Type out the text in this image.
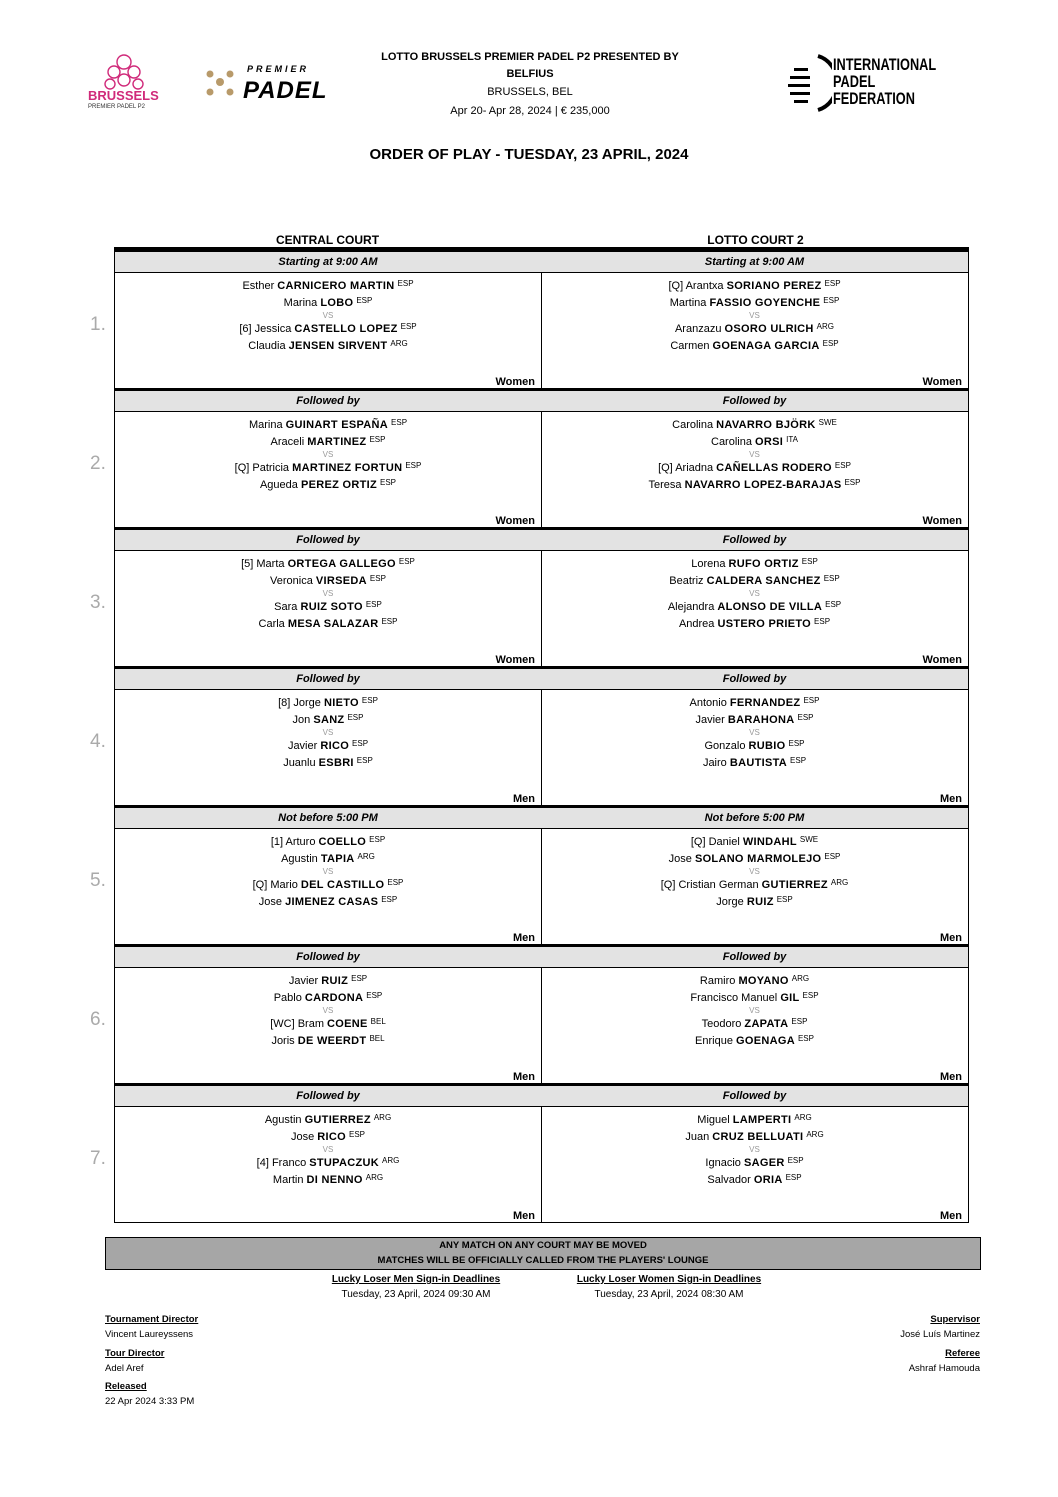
BRUSSELS
PREMIER PADEL P2
PREMIER
PADEL
LOTTO BRUSSELS PREMIER PADEL P2 PRESENTED BY
BELFIUS
BRUSSELS, BEL
Apr 20- Apr 28, 2024 | € 235,000
INTERNATIONAL
PADEL
FEDERATION
ORDER OF PLAY - TUESDAY, 23 APRIL, 2024
CENTRAL COURT	LOTTO COURT 2
1.
Starting at 9:00 AM
Esther CARNICERO MARTIN $^{ESP}$
Marina LOBO $^{ESP}$
[6] Jessica CASTELLO LOPEZ $^{ESP}$
Claudia JENSEN SIRVENT $^{ARG}$
VS
Women
Starting at 9:00 AM
[Q] Arantxa SORIANO PEREZ $^{ESP}$
Martina FASSIO GOYENCHE $^{ESP}$
Aranzazu OSORO ULRICH $^{ARG}$
Carmen GOENAGA GARCIA $^{ESP}$
VS
Women
2.
Followed by
Marina GUINART ESPAÑA $^{ESP}$
Araceli MARTINEZ $^{ESP}$
[Q] Patricia MARTINEZ FORTUN $^{ESP}$
Agueda PEREZ ORTIZ $^{ESP}$
VS
Women
Followed by
Carolina NAVARRO BJÖRK $^{SWE}$
Carolina ORSI $^{ITA}$
[Q] Ariadna CAÑELLAS RODERO $^{ESP}$
Teresa NAVARRO LOPEZ-BARAJAS $^{ESP}$
VS
Women
3.
Followed by
[5] Marta ORTEGA GALLEGO $^{ESP}$
Veronica VIRSEDA $^{ESP}$
Sara RUIZ SOTO $^{ESP}$
Carla MESA SALAZAR $^{ESP}$
VS
Women
Followed by
Lorena RUFO ORTIZ $^{ESP}$
Beatriz CALDERA SANCHEZ $^{ESP}$
Alejandra ALONSO DE VILLA $^{ESP}$
Andrea USTERO PRIETO $^{ESP}$
VS
Women
4.
Followed by
[8] Jorge NIETO $^{ESP}$
Jon SANZ $^{ESP}$
Javier RICO $^{ESP}$
Juanlu ESBRI $^{ESP}$
VS
Men
Followed by
Antonio FERNANDEZ $^{ESP}$
Javier BARAHONA $^{ESP}$
Gonzalo RUBIO $^{ESP}$
Jairo BAUTISTA $^{ESP}$
VS
Men
5.
Not before 5:00 PM
[1] Arturo COELLO $^{ESP}$
Agustin TAPIA $^{ARG}$
[Q] Mario DEL CASTILLO $^{ESP}$
Jose JIMENEZ CASAS $^{ESP}$
VS
Men
Not before 5:00 PM
[Q] Daniel WINDAHL $^{SWE}$
Jose SOLANO MARMOLEJO $^{ESP}$
[Q] Cristian German GUTIERREZ $^{ARG}$
Jorge RUIZ $^{ESP}$
VS
Men
6.
Followed by
Javier RUIZ $^{ESP}$
Pablo CARDONA $^{ESP}$
[WC] Bram COENE $^{BEL}$
Joris DE WEERDT $^{BEL}$
VS
Men
Followed by
Ramiro MOYANO $^{ARG}$
Francisco Manuel GIL $^{ESP}$
Teodoro ZAPATA $^{ESP}$
Enrique GOENAGA $^{ESP}$
VS
Men
7.
Followed by
Agustin GUTIERREZ $^{ARG}$
Jose RICO $^{ESP}$
[4] Franco STUPACZUK $^{ARG}$
Martin DI NENNO $^{ARG}$
VS
Men
Followed by
Miguel LAMPERTI $^{ARG}$
Juan CRUZ BELLUATI $^{ARG}$
Ignacio SAGER $^{ESP}$
Salvador ORIA $^{ESP}$
VS
Men
ANY MATCH ON ANY COURT MAY BE MOVED
MATCHES WILL BE OFFICIALLY CALLED FROM THE PLAYERS' LOUNGE
Lucky Loser Men Sign-in Deadlines
Tuesday, 23 April, 2024 09:30 AM
Lucky Loser Women Sign-in Deadlines
Tuesday, 23 April, 2024 08:30 AM
Tournament Director
Vincent Laureyssens
Tour Director
Adel Aref
Released
22 Apr 2024 3:33 PM
Supervisor
José Luís Martinez
Referee
Ashraf Hamouda
